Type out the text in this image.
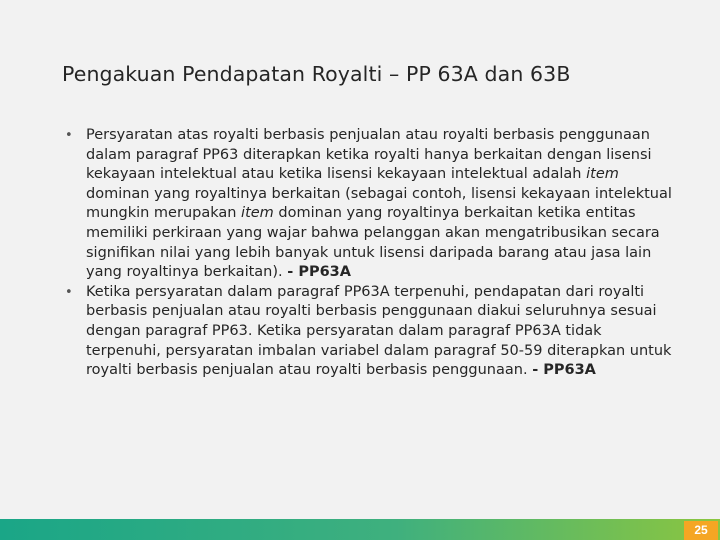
Pengakuan Pendapatan Royalti – PP 63A dan 63B
• Persyaratan atas royalti berbasis penjualan atau royalti berbasis penggunaan dalam paragraf PP63 diterapkan ketika royalti hanya berkaitan dengan lisensi kekayaan intelektual atau ketika lisensi kekayaan intelektual adalah item dominan yang royaltinya berkaitan (sebagai contoh, lisensi kekayaan intelektual mungkin merupakan item dominan yang royaltinya berkaitan ketika entitas memiliki perkiraan yang wajar bahwa pelanggan akan mengatribusikan secara signifikan nilai yang lebih banyak untuk lisensi daripada barang atau jasa lain yang royaltinya berkaitan). - PP63A
• Ketika persyaratan dalam paragraf PP63A terpenuhi, pendapatan dari royalti berbasis penjualan atau royalti berbasis penggunaan diakui seluruhnya sesuai dengan paragraf PP63. Ketika persyaratan dalam paragraf PP63A tidak terpenuhi, persyaratan imbalan variabel dalam paragraf 50-59 diterapkan untuk royalti berbasis penjualan atau royalti berbasis penggunaan. - PP63A
25
